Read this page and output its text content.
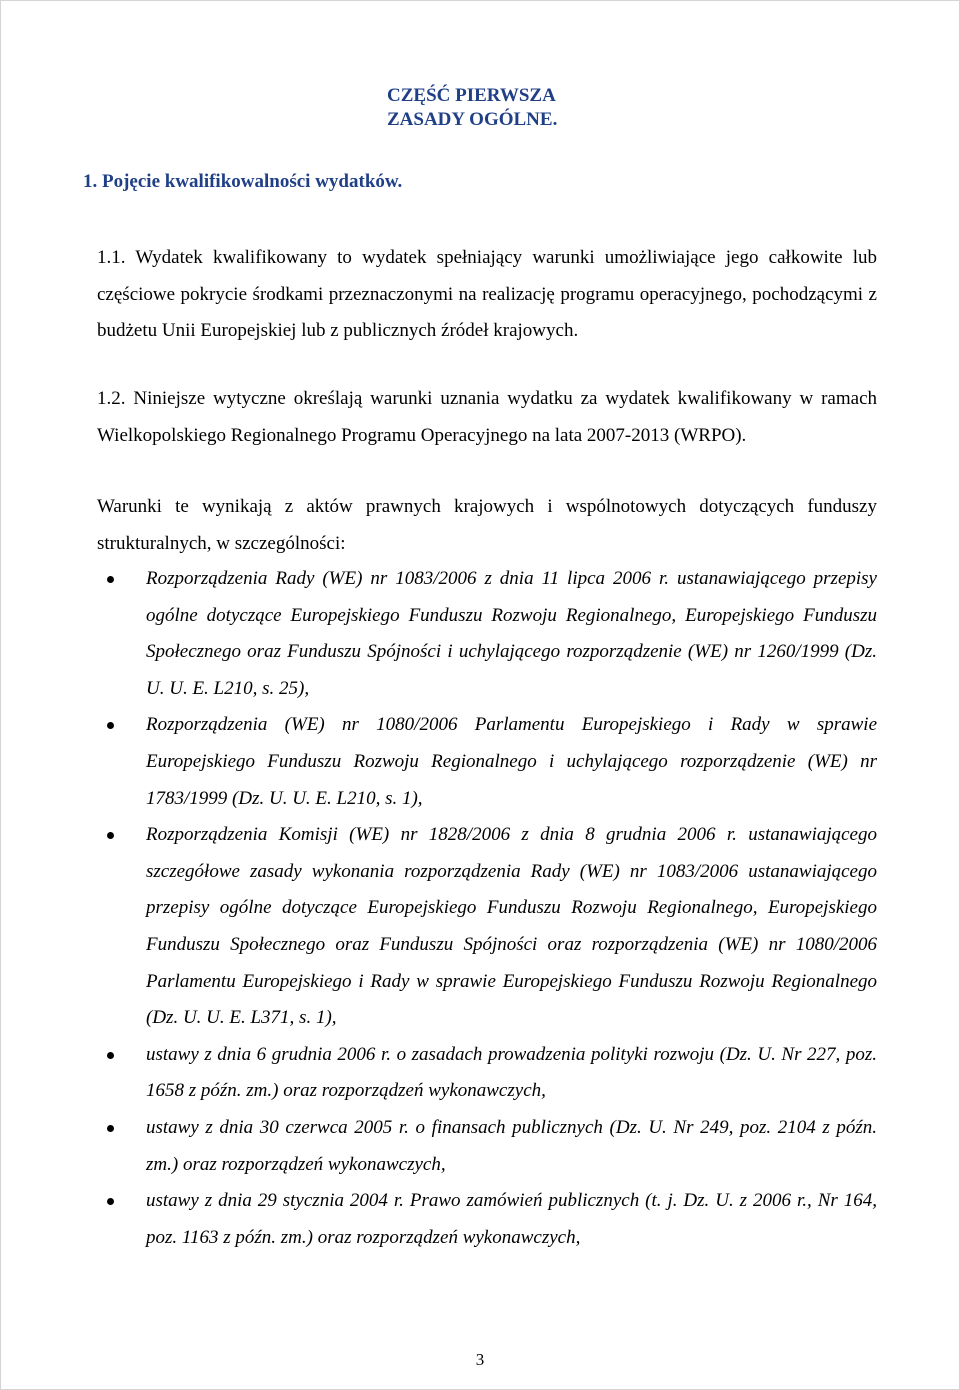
CZĘŚĆ PIERWSZA
ZASADY OGÓLNE.
1. Pojęcie kwalifikowalności wydatków.
1.1. Wydatek kwalifikowany to wydatek spełniający warunki umożliwiające jego całkowite lub częściowe pokrycie środkami przeznaczonymi na realizację programu operacyjnego, pochodzącymi z budżetu Unii Europejskiej lub z publicznych źródeł krajowych.
1.2. Niniejsze wytyczne określają warunki uznania wydatku za wydatek kwalifikowany w ramach Wielkopolskiego Regionalnego Programu Operacyjnego na lata 2007-2013 (WRPO).
Warunki te wynikają z aktów prawnych krajowych i wspólnotowych dotyczących funduszy strukturalnych, w szczególności:
Rozporządzenia Rady (WE) nr 1083/2006 z dnia 11 lipca 2006 r. ustanawiającego przepisy ogólne dotyczące Europejskiego Funduszu Rozwoju Regionalnego, Europejskiego Funduszu Społecznego oraz Funduszu Spójności i uchylającego rozporządzenie (WE) nr 1260/1999 (Dz. U. U. E. L210, s. 25),
Rozporządzenia (WE) nr 1080/2006 Parlamentu Europejskiego i Rady w sprawie Europejskiego Funduszu Rozwoju Regionalnego i uchylającego rozporządzenie (WE) nr 1783/1999 (Dz. U. U. E. L210, s. 1),
Rozporządzenia Komisji (WE) nr 1828/2006 z dnia 8 grudnia 2006 r. ustanawiającego szczegółowe zasady wykonania rozporządzenia Rady (WE) nr 1083/2006 ustanawiającego przepisy ogólne dotyczące Europejskiego Funduszu Rozwoju Regionalnego, Europejskiego Funduszu Społecznego oraz Funduszu Spójności oraz rozporządzenia (WE) nr 1080/2006 Parlamentu Europejskiego i Rady w sprawie Europejskiego Funduszu Rozwoju Regionalnego (Dz. U. U. E. L371, s. 1),
ustawy z dnia 6 grudnia 2006 r. o zasadach prowadzenia polityki rozwoju (Dz. U. Nr 227, poz. 1658 z późn. zm.) oraz rozporządzeń wykonawczych,
ustawy z dnia 30 czerwca 2005 r. o finansach publicznych (Dz. U. Nr 249, poz. 2104 z późn. zm.) oraz rozporządzeń wykonawczych,
ustawy z dnia 29 stycznia 2004 r. Prawo zamówień publicznych (t. j. Dz. U. z 2006 r., Nr 164, poz. 1163 z późn. zm.) oraz rozporządzeń wykonawczych,
3
